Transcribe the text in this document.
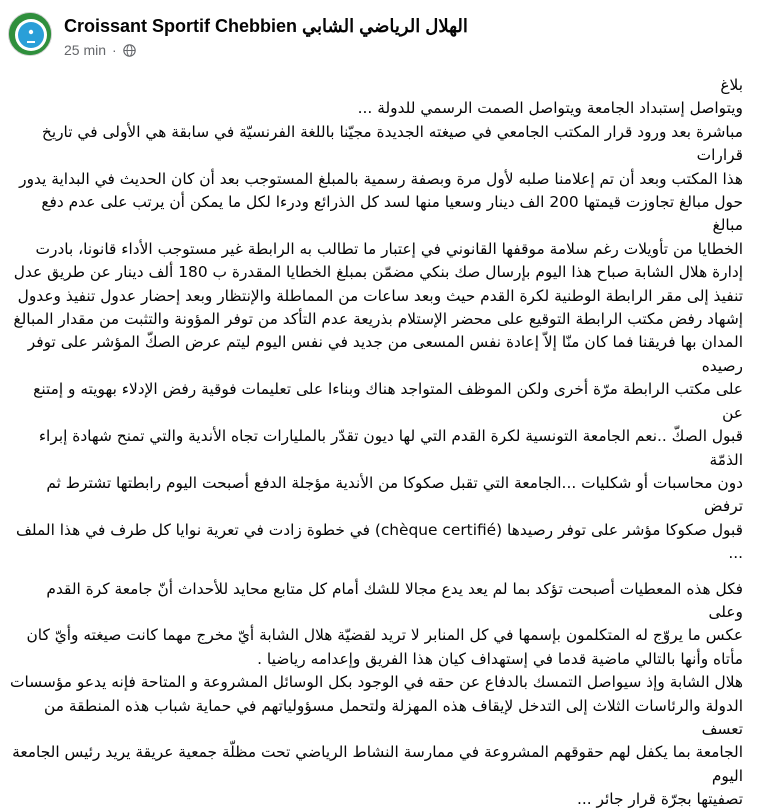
Croissant Sportif Chebbien الهلال الرياضي الشابي
25 min ·

بلاغ

ويتواصل إستبداد الجامعة ويتواصل الصمت الرسمي للدولة ...

مباشرة بعد ورود قرار المكتب الجامعي في صيغته الجديدة مجيّنا باللغة الفرنسيّة في سابقة هي الأولى في تاريخ قرارات

هذا المكتب وبعد أن تم إعلامنا صلبه لأول مرة وبصفة رسمية بالمبلغ المستوجب بعد أن كان الحديث في البداية يدور

حول مبالغ تجاوزت قيمتها 200 الف دينار وسعيا منها لسد كل الذرائع ودرءا لكل ما يمكن أن يرتب على عدم دفع مبالغ

الخطايا من تأويلات رغم سلامة موقفها القانوني في إعتبار ما تطالب به الرابطة غير مستوجب الأداء قانونا، بادرت

إدارة هلال الشابة صباح هذا اليوم بإرسال صك بنكي مضمّن بمبلغ الخطايا المقدرة ب 180 ألف دينار عن طريق عدل

تنفيذ إلى مقر الرابطة الوطنية لكرة القدم حيث وبعد ساعات من المماطلة والإنتظار وبعد إحضار عدول تنفيذ وعدول

إشهاد رفض مكتب الرابطة التوقيع على محضر الإستلام بذريعة عدم التأكد من توفر المؤونة والتثبت من مقدار المبالغ

المدان بها فريقنا فما كان منّا إلاّ إعادة نفس المسعى من جديد في نفس اليوم ليتم عرض الصكّ المؤشر على توفر رصيده

على مكتب الرابطة مرّة أخرى ولكن الموظف المتواجد هناك وبناءا على تعليمات فوقية رفض الإدلاء بهويته و إمتنع عن

قبول الصكّ ..نعم الجامعة التونسية لكرة القدم التي لها ديون تقدّر بالمليارات تجاه الأندية والتي تمنح شهادة إبراء الذمّة

دون محاسبات أو شكليات ...الجامعة التي تقبل صكوكا من الأندية مؤجلة الدفع أصبحت اليوم رابطتها تشترط ثم ترفض

قبول صكوكا مؤشر على توفر رصيدها (chèque certifié) في خطوة زادت في تعرية نوايا كل طرف في هذا الملف

...

فكل هذه المعطيات أصبحت تؤكد بما لم يعد يدع مجالا للشك أمام كل متابع محايد للأحداث أنّ جامعة كرة القدم وعلى

عكس ما يروّج له المتكلمون بإسمها في كل المنابر لا تريد لقضيّة هلال الشابة أيّ مخرج مهما كانت صيغته وأيّ كان

مأتاه وأنها بالتالي ماضية قدما في إستهداف كيان هذا الفريق وإعدامه رياضيا .

هلال الشابة وإذ سيواصل التمسك بالدفاع عن حقه في الوجود بكل الوسائل المشروعة و المتاحة فإنه يدعو مؤسسات

الدولة والرئاسات الثلاث إلى التدخل لإيقاف هذه المهزلة ولتحمل مسؤولياتهم في حماية شباب هذه المنطقة من تعسف

الجامعة بما يكفل لهم حقوقهم المشروعة في ممارسة النشاط الرياضي تحت مظلّة جمعية عريقة يريد رئيس الجامعة اليوم

تصفيتها بجرّة قرار جائر ...
